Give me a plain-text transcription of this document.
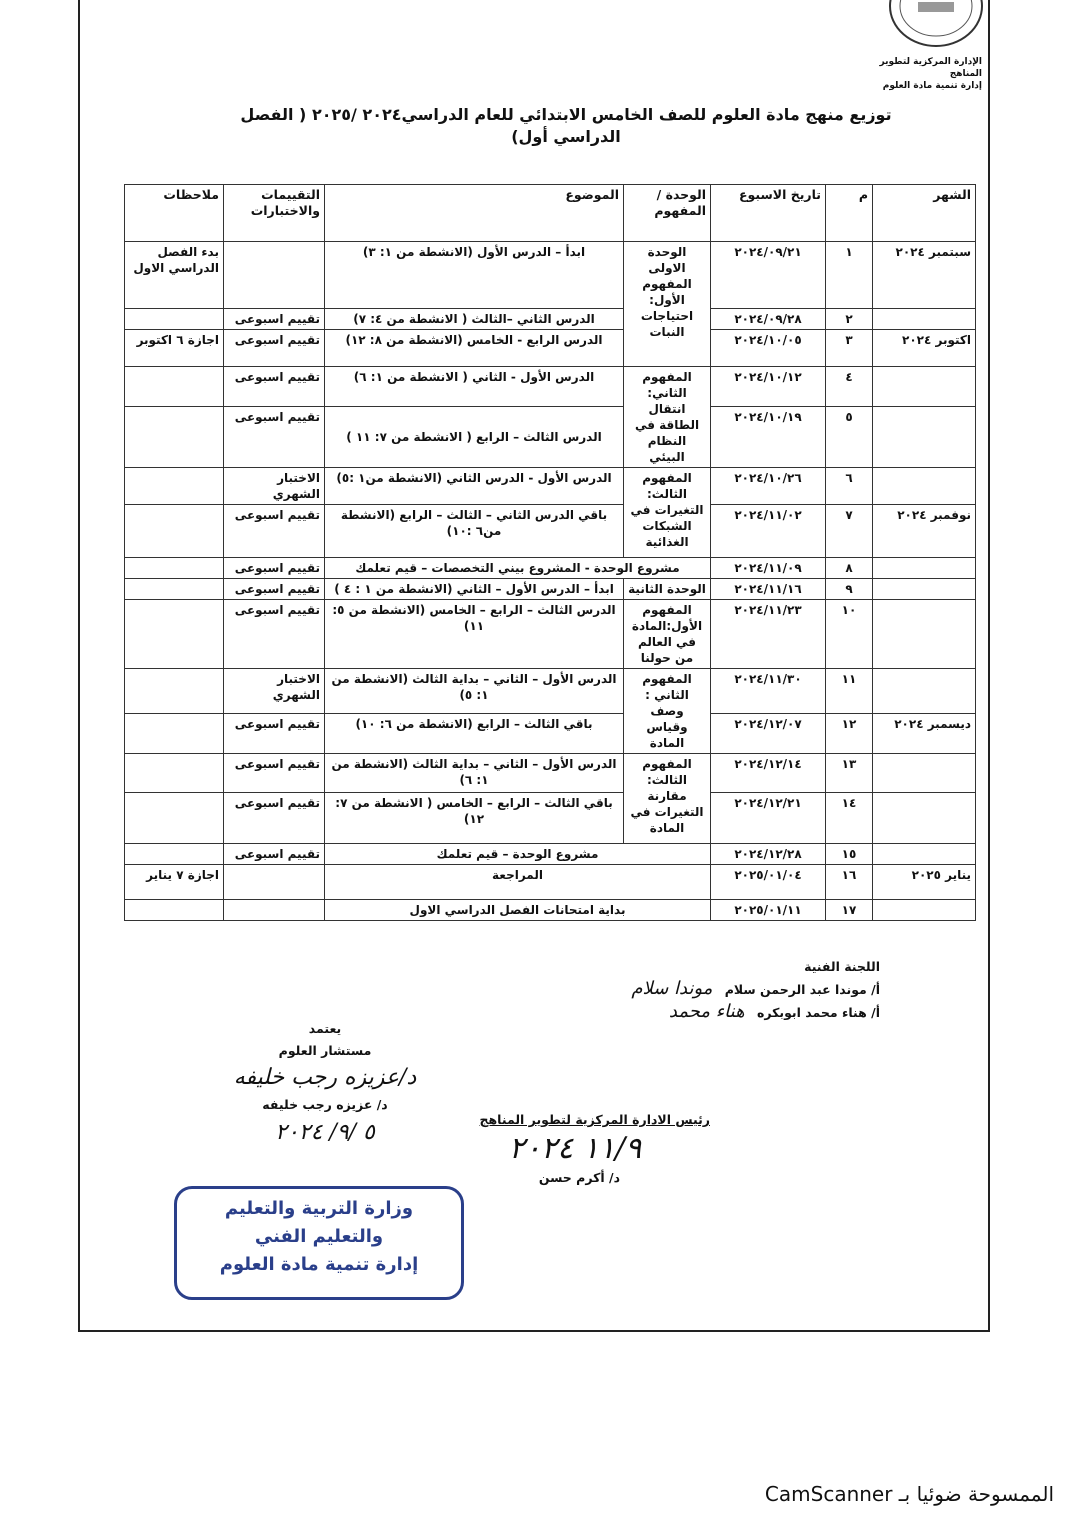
الإدارة المركزية لتطوير المناهج
إدارة تنمية مادة العلوم
توزيع منهج مادة العلوم للصف الخامس الابتدائي للعام الدراسي٢٠٢٤ /٢٠٢٥ ( الفصل الدراسي أول)
الشهر	م	تاريخ الاسبوع	الوحدة /المفهوم	الموضوع	التقييمات والاختبارات	ملاحظات
سبتمبر ٢٠٢٤	١	٢٠٢٤/٠٩/٢١	الوحدة الاولى المفهوم الأول: احتياجات النبات	ابدأ – الدرس الأول (الانشطة من ١: ٣)		بدء الفصل الدراسي الاول
	٢	٢٠٢٤/٠٩/٢٨		الدرس الثاني –الثالث ( الانشطة من ٤: ٧)	تقييم اسبوعى	
اكتوبر ٢٠٢٤	٣	٢٠٢٤/١٠/٠٥		الدرس الرابع - الخامس (الانشطة من ٨: ١٢)	تقييم اسبوعى	اجازة ٦ اكتوبر
	٤	٢٠٢٤/١٠/١٢	المفهوم الثاني: انتقال الطاقة في النظام البيئي	الدرس الأول - الثاني ( الانشطة من ١: ٦)	تقييم اسبوعى	
	٥	٢٠٢٤/١٠/١٩		الدرس الثالث – الرابع ( الانشطة من ٧: ١١ )	تقييم اسبوعى	
	٦	٢٠٢٤/١٠/٢٦	المفهوم الثالث: التغيرات في الشبكات الغذائية	الدرس الأول - الدرس الثاني (الانشطة من١ :٥)	الاختبار الشهري	
نوفمبر ٢٠٢٤	٧	٢٠٢٤/١١/٠٢		باقي الدرس الثاني – الثالث – الرابع (الانشطة من٦ :١٠)	تقييم اسبوعى	
	٨	٢٠٢٤/١١/٠٩	مشروع الوحدة - المشروع بيني التخصصات – قيم تعلمك		تقييم اسبوعى	
	٩	٢٠٢٤/١١/١٦	الوحدة الثانية	ابدأ – الدرس الأول – الثاني (الانشطة من ١ : ٤ )	تقييم اسبوعى	
	١٠	٢٠٢٤/١١/٢٣	المفهوم الأول:المادة في العالم من حولنا	الدرس الثالث – الرابع – الخامس (الانشطة من ٥: ١١)	تقييم اسبوعى	
	١١	٢٠٢٤/١١/٣٠	المفهوم الثاني : وصف وقياس المادة	الدرس الأول – الثاني – بداية الثالث (الانشطة من ١: ٥)	الاختبار الشهري	
ديسمبر ٢٠٢٤	١٢	٢٠٢٤/١٢/٠٧		باقي الثالث – الرابع (الانشطة من ٦: ١٠)	تقييم اسبوعى	
	١٣	٢٠٢٤/١٢/١٤	المفهوم الثالث: مقارنة التغيرات في المادة	الدرس الأول – الثاني – بداية الثالث (الانشطة من ١: ٦)	تقييم اسبوعى	
	١٤	٢٠٢٤/١٢/٢١		باقي الثالث – الرابع – الخامس ( الانشطة من ٧: ١٢)	تقييم اسبوعى	
	١٥	٢٠٢٤/١٢/٢٨	مشروع الوحدة – قيم تعلمك		تقييم اسبوعى	
يناير ٢٠٢٥	١٦	٢٠٢٥/٠١/٠٤	المراجعة			اجازة ٧ يناير
	١٧	٢٠٢٥/٠١/١١	بداية امتحانات الفصل الدراسي الاول			
اللجنة الفنية
أ/ موندا عبد الرحمن سلام موندا سلام
أ/ هناء محمد ابوبكره هناء محمد
يعتمد
مستشار العلوم
د/عزيزه رجب خليفه
د/ عزيزه رجب خليفه
٥ /٩/ ٢٠٢٤
رئيس الادارة المركزية لتطوير المناهج
١١/٩ ٢٠٢٤
د/ أكرم حسن
وزارة التربية والتعليم
والتعليم الفني
إدارة تنمية مادة العلوم
الممسوحة ضوئيا بـ CamScanner
